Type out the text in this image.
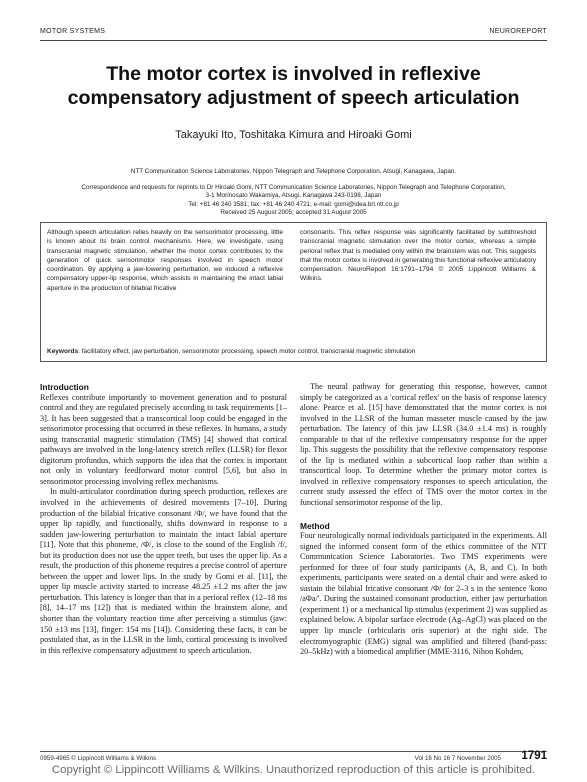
MOTOR SYSTEMS	NEUROREPORT
The motor cortex is involved in reflexive
compensatory adjustment of speech articulation
Takayuki Ito, Toshitaka Kimura and Hiroaki Gomi
NTT Communication Science Laboratories, Nippon Telegraph and Telephone Corporation, Atsugi, Kanagawa, Japan.
Correspondence and requests for reprints to Dr Hiroaki Gomi, NTT Communication Science Laboratories, Nippon Telegraph and Telephone Corporation,
3-1 Morinosato Wakamiya, Atsugi, Kanagawa 243-0198, Japan
Tel: +81 46 240 3581; fax: +81 46 240 4721; e-mail: gomi@idea.brl.ntt.co.jp
Received 25 August 2005; accepted 31 August 2005
Although speech articulation relies heavily on the sensorimotor processing, little is known about its brain control mechanisms. Here, we investigate, using transcranial magnetic stimulation, whether the motor cortex contributes to the generation of quick sensorimotor responses involved in speech motor coordination. By applying a jaw-lowering perturbation, we induced a reflexive compensatory upper-lip response, which assists in maintaining the intact labial aperture in the production of bilabial fricative
consonants. This reflex response was significantly facilitated by subthreshold transcranial magnetic stimulation over the motor cortex, whereas a simple perioral reflex that is mediated only within the brainstem was not. This suggests that the motor cortex is involved in generating this functional reflexive articulatory compensation. NeuroReport 16:1791–1794 © 2005 Lippincott Williams & Wilkins.
Keywords: facilitatory effect, jaw perturbation, sensorimotor processing, speech motor control, transcranial magnetic stimulation
Introduction

Reflexes contribute importantly to movement generation and to postural control and they are regulated precisely according to task requirements [1–3]. It has been suggested that a transcortical loop could be engaged in the sensorimotor processing that occurred in these reflexes. In humans, a study using transcranial magnetic stimulation (TMS) [4] showed that cortical pathways are involved in the long-latency stretch reflex (LLSR) for flexor digitorum profundus, which supports the idea that the cortex is important not only in voluntary feedforward motor control [5,6], but also in sensorimotor processing involving reflex mechanisms.

In multi-articulator coordination during speech production, reflexes are involved in the achievements of desired movements [7–10]. During production of the bilabial fricative consonant /Φ/, we have found that the upper lip rapidly, and functionally, shifts downward in response to a sudden jaw-lowering perturbation to maintain the intact labial aperture [11]. Note that this phoneme, /Φ/, is close to the sound of the English /f/, but its production does not use the upper teeth, but uses the upper lip. As a result, the production of this phoneme requires a precise control of aperture between the upper and lower lips. In the study by Gomi et al. [11], the upper lip muscle activity started to increase 48.25 ±1.2 ms after the jaw perturbation. This latency is longer than that in a perioral reflex (12–18 ms [8], 14–17 ms [12]) that is mediated within the brainstem alone, and shorter than the voluntary reaction time after perceiving a stimulus (jaw: 150 ±13 ms [13], finger: 154 ms [14]). Considering these facts, it can be postulated that, as in the LLSR in the limb, cortical processing is involved in this reflexive compensatory adjustment to speech articulation.

The neural pathway for generating this response, however, cannot simply be categorized as a 'cortical reflex' on the basis of response latency alone. Pearce et al. [15] have demonstrated that the motor cortex is not involved in the LLSR of the human masseter muscle caused by the jaw perturbation. The latency of this jaw LLSR (34.0 ±1.4 ms) is roughly comparable to that of the reflexive compensatory response for the upper lip. This suggests the possibility that the reflexive compensatory response of the lip is mediated within a subcortical loop rather than within a transcortical loop. To determine whether the primary motor cortex is involved in reflexive compensatory responses to speech articulation, the current study assessed the effect of TMS over the motor cortex in the functional sensorimotor response of the lip.

Method

Four neurologically normal individuals participated in the experiments. All signed the informed consent form of the ethics committee of the NTT Communication Science Laboratories. Two TMS experiments were performed for three of four study participants (A, B, and C). In both experiments, participants were seated on a dental chair and were asked to sustain the bilabial fricative consonant /Φ/ for 2–3 s in the sentence 'kono /aΦa/'. During the sustained consonant production, either jaw perturbation (experiment 1) or a mechanical lip stimulus (experiment 2) was supplied as explained below. A bipolar surface electrode (Ag–AgCl) was placed on the upper lip muscle (orbicularis oris superior) at the right side. The electromyographic (EMG) signal was amplified and filtered (band-pass: 20–5kHz) with a biomedical amplifier (MME-3116, Nihon Kohden,

0959-4965 © Lippincott Williams & Wilkins	Vol 16 No 16 7 November 2005 1791
Copyright © Lippincott Williams & Wilkins. Unauthorized reproduction of this article is prohibited.
